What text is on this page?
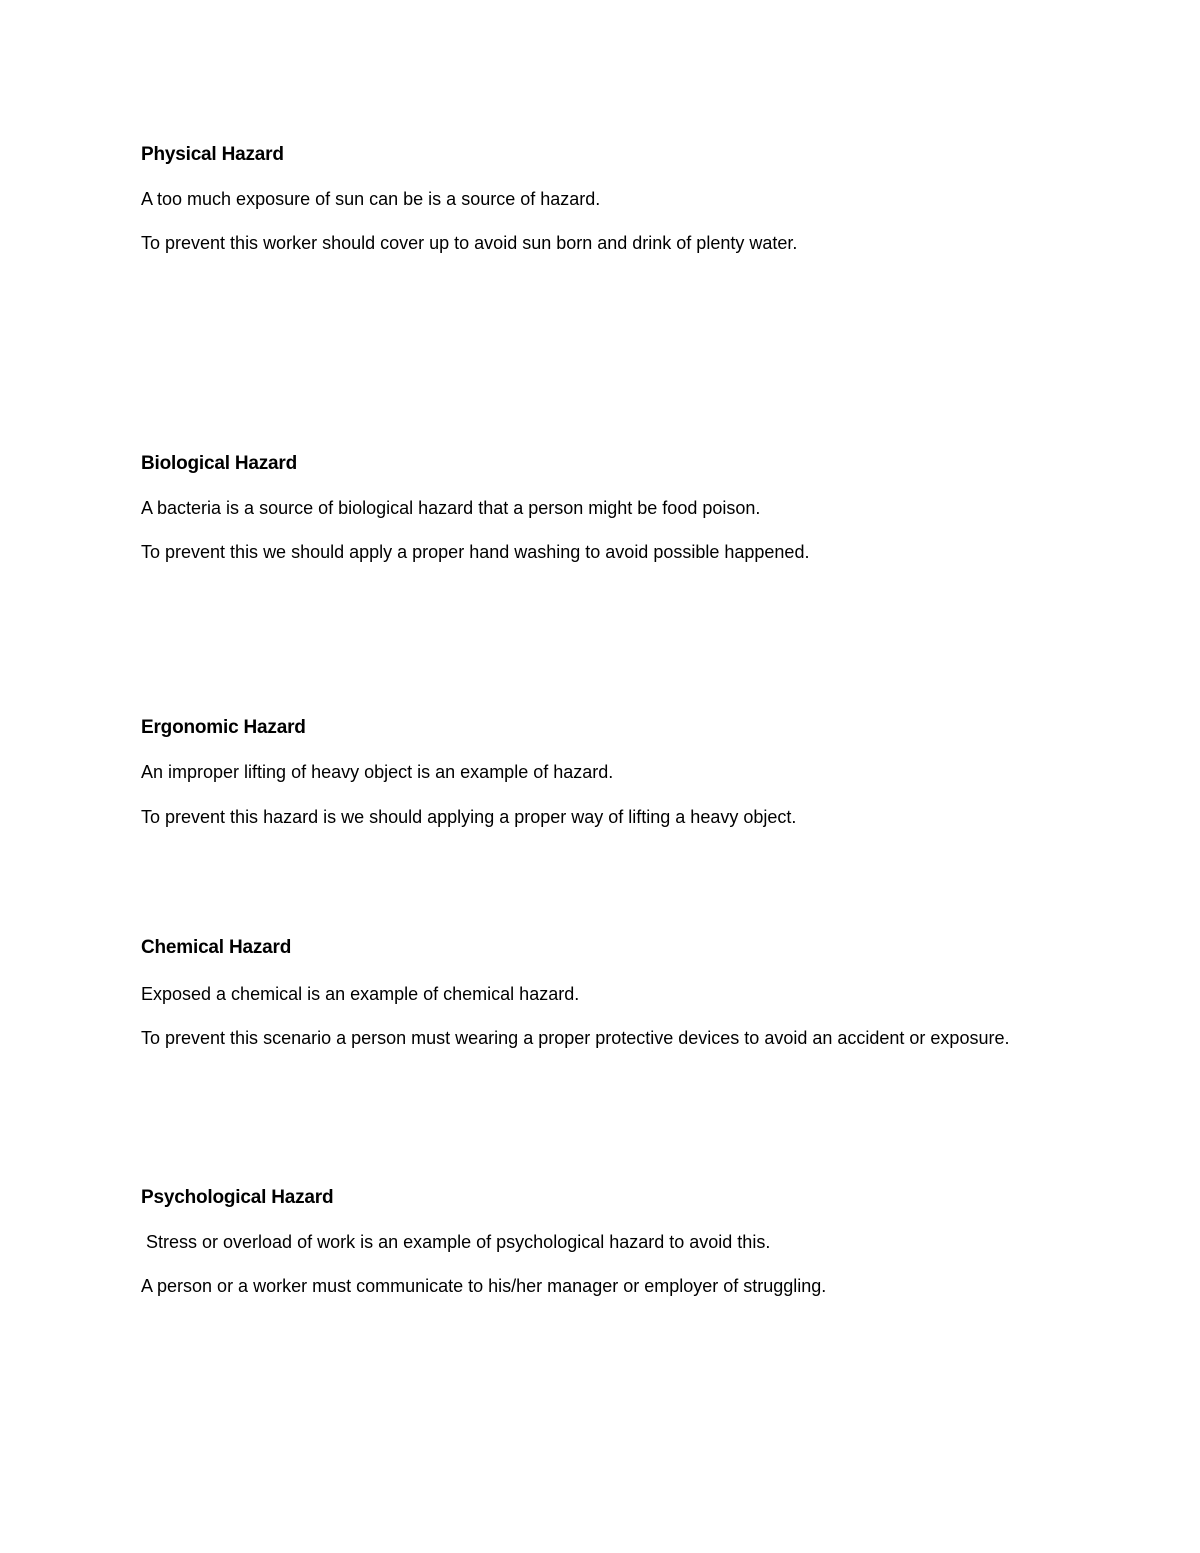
Physical Hazard
A too much exposure of sun can be is a source of hazard.
To prevent this worker should cover up to avoid sun born and drink of plenty water.
Biological Hazard
A bacteria is a source of biological hazard that a person might be food poison.
To prevent this we should apply a proper hand washing to avoid possible happened.
Ergonomic Hazard
An improper lifting of heavy object is an example of hazard.
To prevent this hazard is we should applying a proper way of lifting a heavy object.
Chemical Hazard
Exposed a chemical is an example of chemical hazard.
To prevent this scenario a person must wearing a proper protective devices to avoid an accident or exposure.
Psychological Hazard
Stress or overload of work is an example of psychological hazard to avoid this.
A person or a worker must communicate to his/her manager or employer of struggling.
